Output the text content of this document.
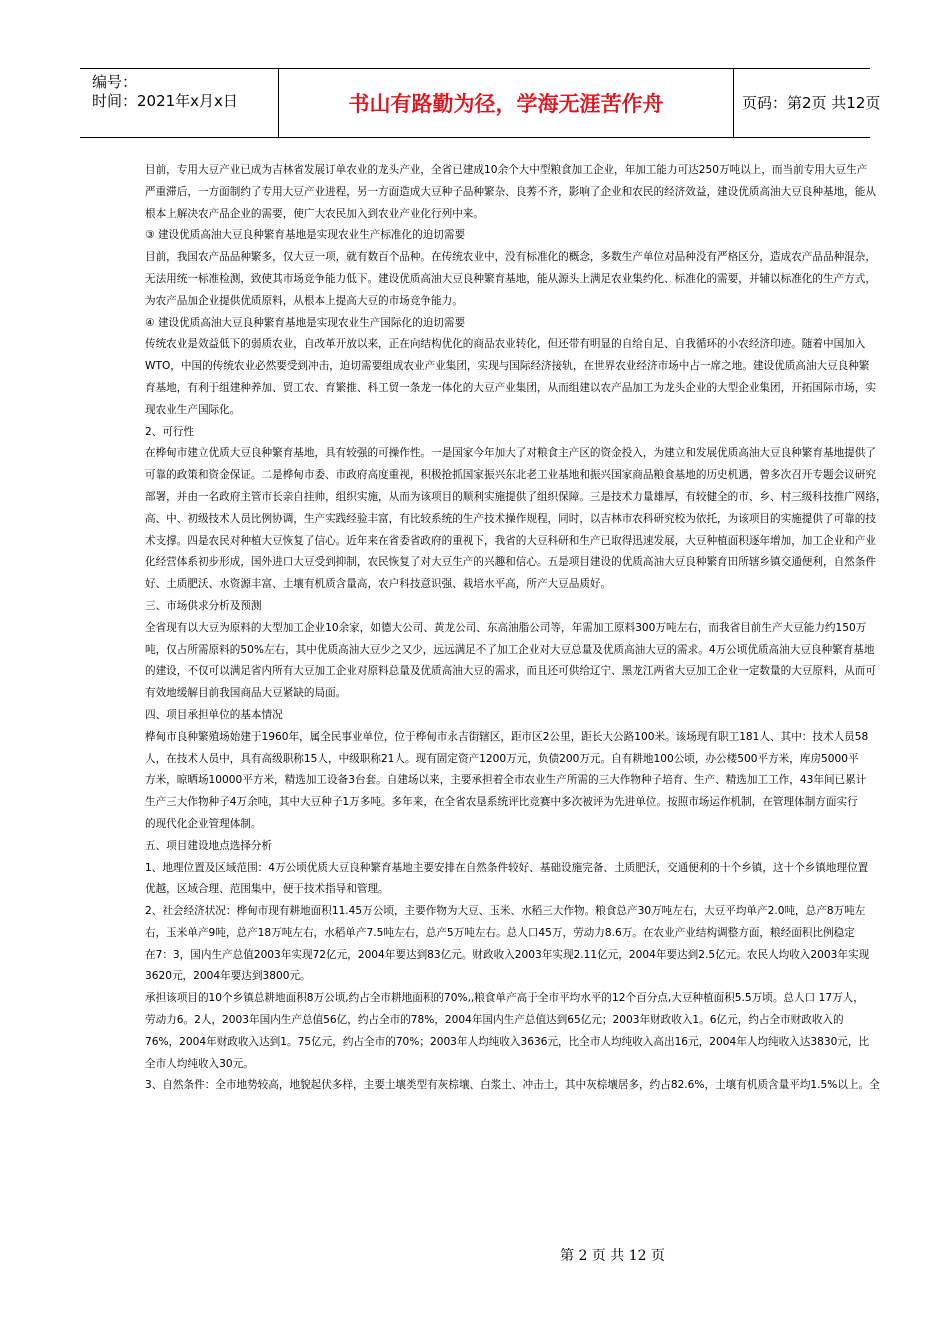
编号：
时间：2021年x月x日	书山有路勤为径，学海无涯苦作舟	页码：第2页 共12页
目前，专用大豆产业已成为吉林省发展订单农业的龙头产业，全省已建成10余个大中型粮食加工企业，年加工能力可达250万吨以上，而当前专用大豆生产
严重滞后，一方面制约了专用大豆产业进程，另一方面造成大豆种子品种繁杂、良莠不齐，影响了企业和农民的经济效益，建设优质高油大豆良种基地，能从
根本上解决农产品企业的需要，使广大农民加入到农业产业化行列中来。
③ 建设优质高油大豆良种繁育基地是实现农业生产标准化的迫切需要
目前，我国农产品品种繁多，仅大豆一项，就有数百个品种。在传统农业中，没有标准化的概念，多数生产单位对品种没有严格区分，造成农产品品种混杂，
无法用统一标准检测，致使其市场竞争能力低下。建设优质高油大豆良种繁育基地，能从源头上满足农业集约化、标准化的需要，并辅以标准化的生产方式，
为农产品加企业提供优质原料，从根本上提高大豆的市场竞争能力。
④ 建设优质高油大豆良种繁育基地是实现农业生产国际化的迫切需要
传统农业是效益低下的弱质农业，自改革开放以来，正在向结构优化的商品农业转化，但还带有明显的自给自足、自我循环的小农经济印迹。随着中国加入
WTO，中国的传统农业必然要受到冲击，迫切需要组成农业产业集团，实现与国际经济接轨，在世界农业经济市场中占一席之地。建设优质高油大豆良种繁
育基地，有利于组建种养加、贸工农、育繁推、科工贸一条龙一体化的大豆产业集团，从而组建以农产品加工为龙头企业的大型企业集团，开拓国际市场，实
现农业生产国际化。
2、可行性
在桦甸市建立优质大豆良种繁育基地，具有较强的可操作性。一是国家今年加大了对粮食主产区的资金投入，为建立和发展优质高油大豆良种繁育基地提供了
可靠的政策和资金保证。二是桦甸市委、市政府高度重视，积极抢抓国家振兴东北老工业基地和振兴国家商品粮食基地的历史机遇，曾多次召开专题会议研究
部署，并由一名政府主管市长亲自挂帅，组织实施，从而为该项目的顺利实施提供了组织保障。三是技术力量雄厚，有较健全的市、乡、村三级科技推广网络，
高、中、初级技术人员比例协调，生产实践经验丰富，有比较系统的生产技术操作规程，同时，以吉林市农科研究校为依托，为该项目的实施提供了可靠的技
术支撑。四是农民对种植大豆恢复了信心。近年来在省委省政府的重视下，我省的大豆科研和生产已取得迅速发展，大豆种植面积逐年增加，加工企业和产业
化经营体系初步形成，国外进口大豆受到抑制，农民恢复了对大豆生产的兴趣和信心。五是项目建设的优质高油大豆良种繁育田所辖乡镇交通便利，自然条件
好、土质肥沃、水资源丰富、土壤有机质含量高，农户科技意识强、栽培水平高，所产大豆品质好。
三、市场供求分析及预测
全省现有以大豆为原料的大型加工企业10余家，如德大公司、黄龙公司、东高油脂公司等，年需加工原料300万吨左右，而我省目前生产大豆能力约150万
吨，仅占所需原料的50%左右，其中优质高油大豆少之又少，远远满足不了加工企业对大豆总量及优质高油大豆的需求。4万公顷优质高油大豆良种繁育基地
的建设，不仅可以满足省内所有大豆加工企业对原料总量及优质高油大豆的需求，而且还可供给辽宁、黑龙江两省大豆加工企业一定数量的大豆原料，从而可
有效地缓解目前我国商品大豆紧缺的局面。
四、项目承担单位的基本情况
桦甸市良种繁殖场始建于1960年，属全民事业单位，位于桦甸市永吉街辖区，距市区2公里，距长大公路100米。该场现有职工181人、其中：技术人员58
人，在技术人员中，具有高级职称15人，中级职称21人。现有固定资产1200万元，负债200万元。自有耕地100公顷，办公楼500平方米，库房5000平
方米，晾晒场10000平方米，精选加工设备3台套。自建场以来，主要承担着全市农业生产所需的三大作物种子培育、生产、精选加工工作，43年间已累计
生产三大作物种子4万余吨，其中大豆种子1万多吨。多年来，在全省农垦系统评比竞赛中多次被评为先进单位。按照市场运作机制，在管理体制方面实行
的现代化企业管理体制。
五、项目建设地点选择分析
1、地理位置及区域范围：4万公顷优质大豆良种繁育基地主要安排在自然条件较好、基础设施完备、土质肥沃，交通便利的十个乡镇，这十个乡镇地理位置
优越，区域合理、范围集中，便于技术指导和管理。
2、社会经济状况：桦甸市现有耕地面积11.45万公顷，主要作物为大豆、玉米、水稻三大作物。粮食总产30万吨左右，大豆平均单产2.0吨，总产8万吨左
右，玉米单产9吨，总产18万吨左右，水稻单产7.5吨左右，总产5万吨左右。总人口45万，劳动力8.6万。在农业产业结构调整方面，粮经面积比例稳定
在7：3，国内生产总值2003年实现72亿元，2004年要达到83亿元。财政收入2003年实现2.11亿元，2004年要达到2.5亿元。农民人均收入2003年实现
3620元，2004年要达到3800元。
承担该项目的10个乡镇总耕地面积8万公顷,约占全市耕地面积的70%,,粮食单产高于全市平均水平的12个百分点,大豆种植面积5.5万顷。总人口 17万人，
劳动力6。2人，2003年国内生产总值56亿，约占全市的78%，2004年国内生产总值达到65亿元；2003年财政收入1。6亿元，约占全市财政收入的
76%，2004年财政收入达到1。75亿元，约占全市的70%；2003年人均纯收入3636元，比全市人均纯收入高出16元，2004年人均纯收入达3830元，比
全市人均纯收入30元。
3、自然条件：全市地势较高，地貌起伏多样，主要土壤类型有灰棕壤、白浆土、冲击土，其中灰棕壤居多，约占82.6%，土壤有机质含量平均1.5%以上。全
第 2 页 共 12 页
